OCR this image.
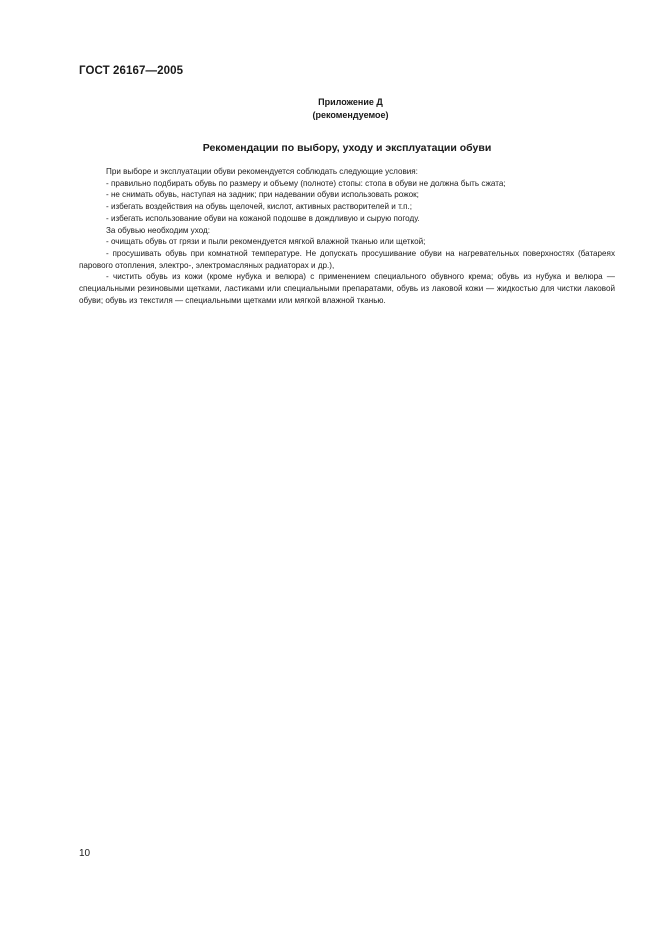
ГОСТ 26167—2005
Приложение Д
(рекомендуемое)
Рекомендации по выбору, уходу и эксплуатации обуви

При выборе и эксплуатации обуви рекомендуется соблюдать следующие условия:

- правильно подбирать обувь по размеру и объему (полноте) стопы: стопа в обуви не должна быть сжата;

- не снимать обувь, наступая на задник; при надевании обуви использовать рожок;

- избегать воздействия на обувь щелочей, кислот, активных растворителей и т.п.;

- избегать использование обуви на кожаной подошве в дождливую и сырую погоду.

За обувью необходим уход:

- очищать обувь от грязи и пыли рекомендуется мягкой влажной тканью или щеткой;

- просушивать обувь при комнатной температуре. Не допускать просушивание обуви на нагревательных поверхностях (батареях парового отопления, электро-, электромасляных радиаторах и др.),

- чистить обувь из кожи (кроме нубука и велюра) с применением специального обувного крема; обувь из нубука и велюра — специальными резиновыми щетками, ластиками или специальными препаратами, обувь из лаковой кожи — жидкостью для чистки лаковой обуви; обувь из текстиля — специальными щетками или мягкой влажной тканью.

10
